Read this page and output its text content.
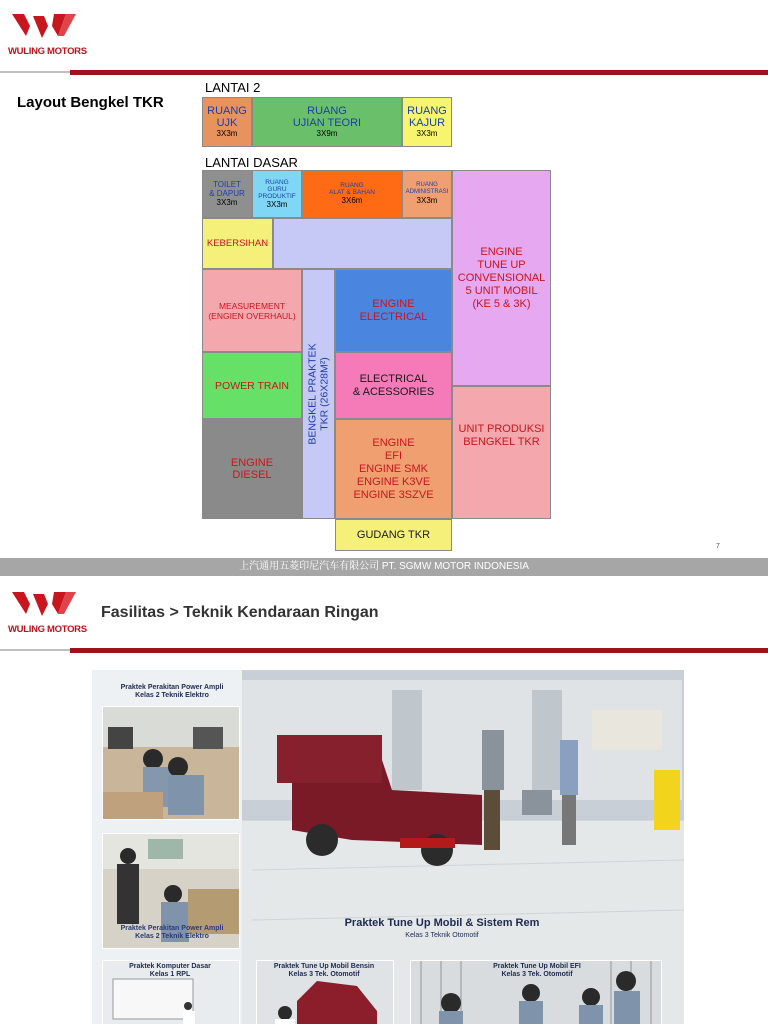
WULING MOTORS
Layout Bengkel TKR
LANTAI 2
RUANG
UJK
3X3m
RUANG
UJIAN TEORI
3X9m
RUANG
KAJUR
3X3m
LANTAI DASAR
TOILET
& DAPUR
3X3m
RUANG
GURU
PRODUKTIF
3X3m
RUANG
ALAT & BAHAN
3X6m
RUANG
ADMINISTRASI
3X3m
ENGINE
TUNE UP
CONVENSIONAL
5 UNIT MOBIL
(KE 5 & 3K)
UNIT PRODUKSI
BENGKEL TKR
KEBERSIHAN
MEASUREMENT
(ENGIEN OVERHAUL)
POWER TRAIN
ENGINE
DIESEL
BENGKEL PRAKTEK
TKR (26X28M²)
ENGINE
ELECTRICAL
ELECTRICAL
& ACESSORIES
ENGINE
EFI
ENGINE SMK
ENGINE K3VE
ENGINE 3SZVE
GUDANG TKR
7
上汽通用五菱印尼汽车有限公司 PT. SGMW MOTOR INDONESIA
WULING MOTORS
Fasilitas > Teknik Kendaraan Ringan
Praktek Perakitan Power Ampli
Kelas 2 Teknik Elektro
Praktek Perakitan Power Ampli
Kelas 2 Teknik Elektro
Praktek Komputer Dasar
Kelas 1 RPL
Praktek Tune Up Mobil Bensin
Kelas 3 Tek. Otomotif
Praktek Tune Up Mobil EFI
Kelas 3 Tek. Otomotif
Praktek Tune Up Mobil & Sistem Rem
Kelas 3 Teknik Otomotif
